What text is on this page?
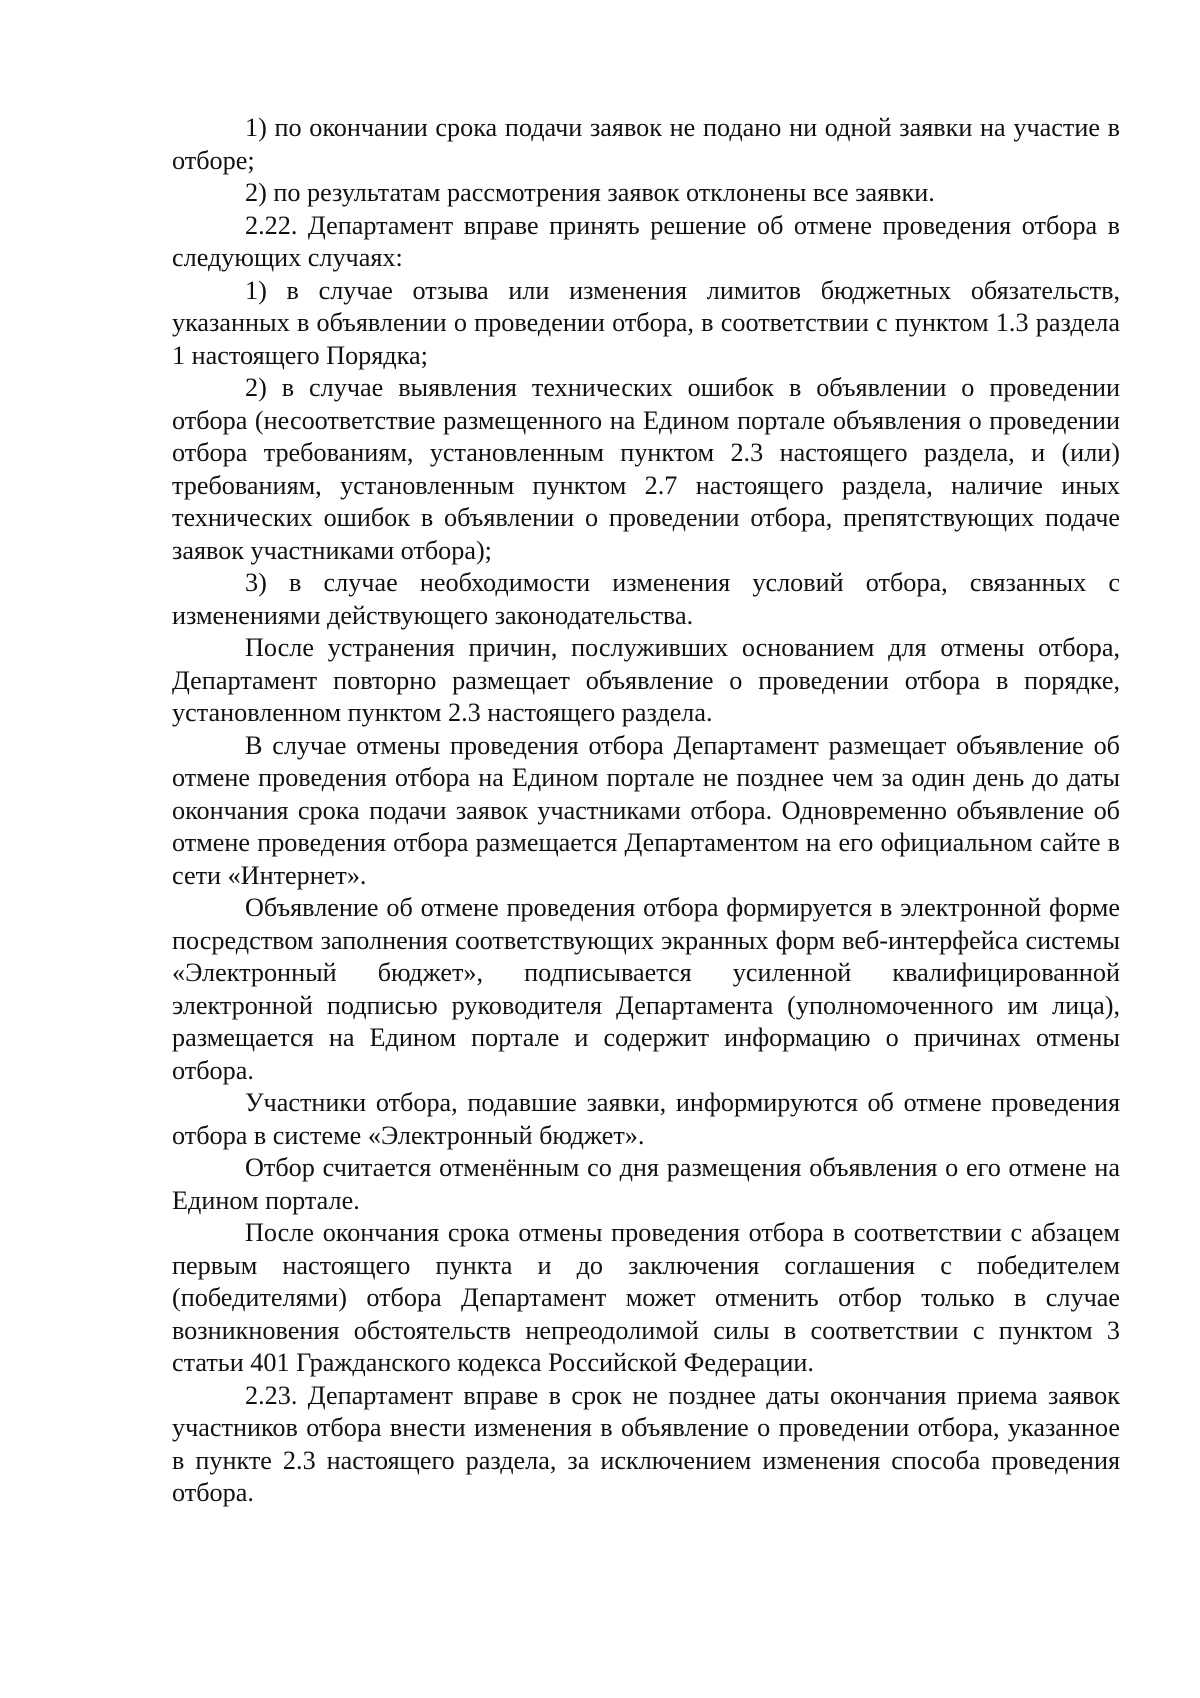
1) по окончании срока подачи заявок не подано ни одной заявки на участие в отборе;

2) по результатам рассмотрения заявок отклонены все заявки.

2.22. Департамент вправе принять решение об отмене проведения отбора в следующих случаях:

1) в случае отзыва или изменения лимитов бюджетных обязательств, указанных в объявлении о проведении отбора, в соответствии с пунктом 1.3 раздела 1 настоящего Порядка;

2) в случае выявления технических ошибок в объявлении о проведении отбора (несоответствие размещенного на Едином портале объявления о проведении отбора требованиям, установленным пунктом 2.3 настоящего раздела, и (или) требованиям, установленным пунктом 2.7 настоящего раздела, наличие иных технических ошибок в объявлении о проведении отбора, препятствующих подаче заявок участниками отбора);

3) в случае необходимости изменения условий отбора, связанных с изменениями действующего законодательства.

После устранения причин, послуживших основанием для отмены отбора, Департамент повторно размещает объявление о проведении отбора в порядке, установленном пунктом 2.3 настоящего раздела.

В случае отмены проведения отбора Департамент размещает объявление об отмене проведения отбора на Едином портале не позднее чем за один день до даты окончания срока подачи заявок участниками отбора. Одновременно объявление об отмене проведения отбора размещается Департаментом на его официальном сайте в сети «Интернет».

Объявление об отмене проведения отбора формируется в электронной форме посредством заполнения соответствующих экранных форм веб-интерфейса системы «Электронный бюджет», подписывается усиленной квалифицированной электронной подписью руководителя Департамента (уполномоченного им лица), размещается на Едином портале и содержит информацию о причинах отмены отбора.

Участники отбора, подавшие заявки, информируются об отмене проведения отбора в системе «Электронный бюджет».

Отбор считается отменённым со дня размещения объявления о его отмене на Едином портале.

После окончания срока отмены проведения отбора в соответствии с абзацем первым настоящего пункта и до заключения соглашения с победителем (победителями) отбора Департамент может отменить отбор только в случае возникновения обстоятельств непреодолимой силы в соответствии с пунктом 3 статьи 401 Гражданского кодекса Российской Федерации.

2.23. Департамент вправе в срок не позднее даты окончания приема заявок участников отбора внести изменения в объявление о проведении отбора, указанное в пункте 2.3 настоящего раздела, за исключением изменения способа проведения отбора.
